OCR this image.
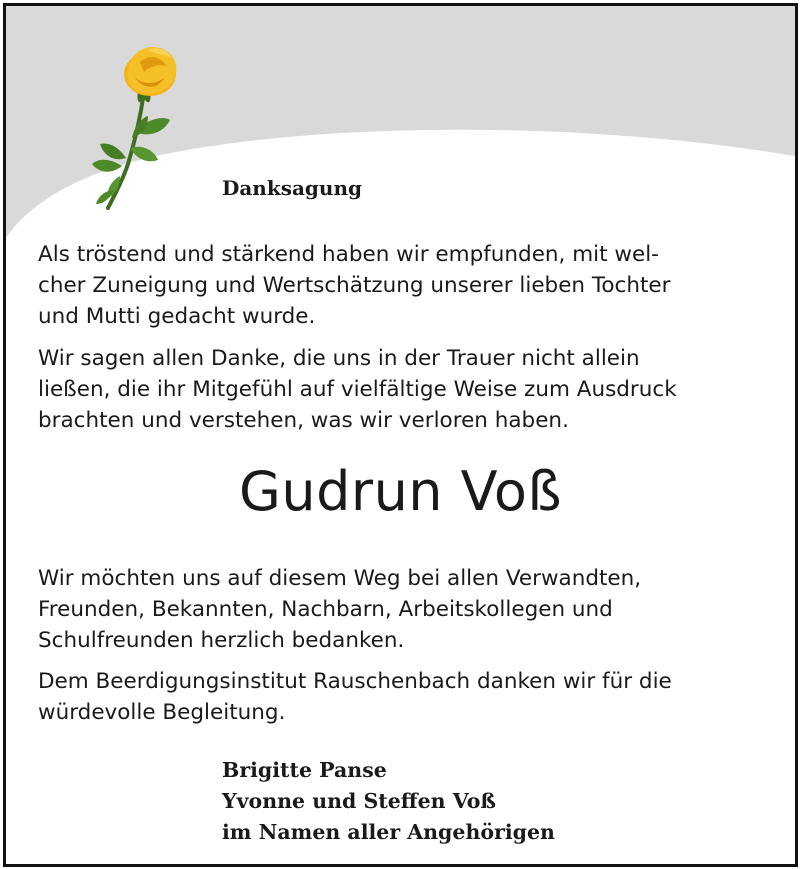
Danksagung
Als tröstend und stärkend haben wir empfunden, mit wel-
cher Zuneigung und Wertschätzung unserer lieben Tochter
und Mutti gedacht wurde.
Wir sagen allen Danke, die uns in der Trauer nicht allein
ließen, die ihr Mitgefühl auf vielfältige Weise zum Ausdruck
brachten und verstehen, was wir verloren haben.
Gudrun Voß
Wir möchten uns auf diesem Weg bei allen Verwandten,
Freunden, Bekannten, Nachbarn, Arbeitskollegen und
Schulfreunden herzlich bedanken.
Dem Beerdigungsinstitut Rauschenbach danken wir für die
würdevolle Begleitung.
Brigitte Panse
Yvonne und Steffen Voß
im Namen aller Angehörigen
